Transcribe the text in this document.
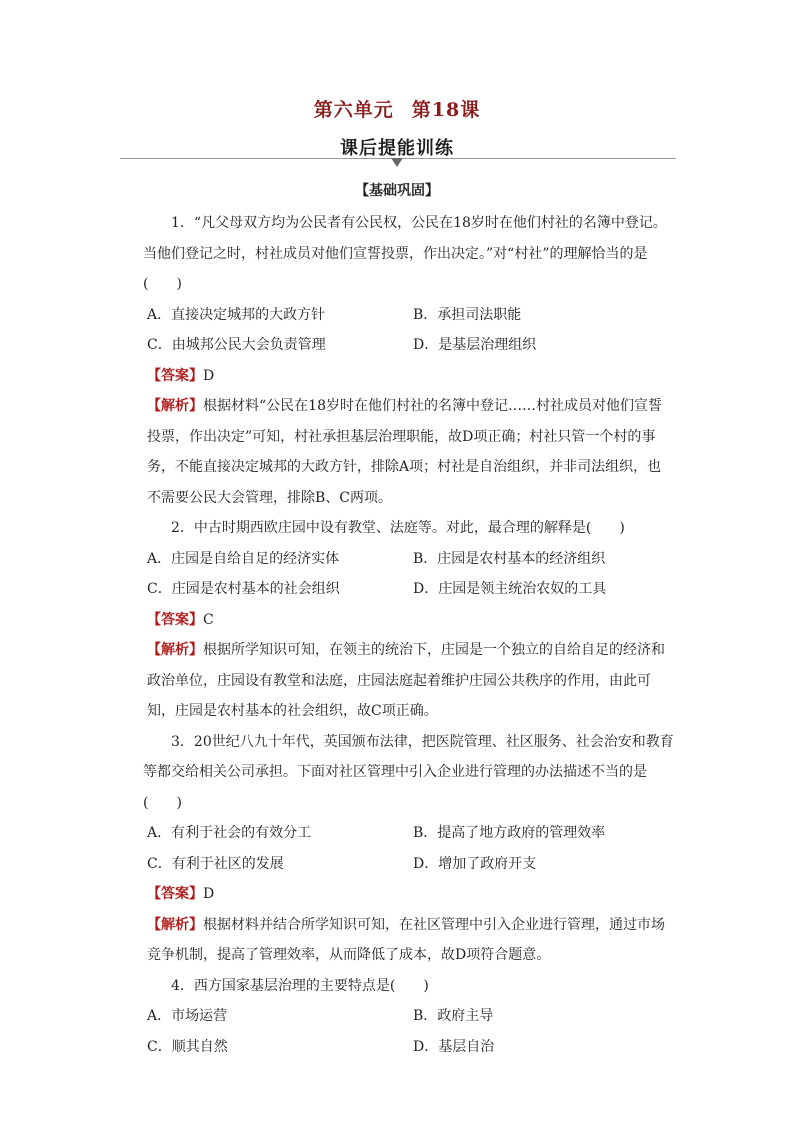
第六单元 第18课
课后提能训练
【基础巩固】

1．“凡父母双方均为公民者有公民权，公民在18岁时在他们村社的名簿中登记。当他们登记之时，村社成员对他们宣誓投票，作出决定。”对“村社”的理解恰当的是(　　)

A．直接决定城邦的大政方针	B．承担司法职能
C．由城邦公民大会负责管理	D．是基层治理组织

【答案】D

【解析】根据材料“公民在18岁时在他们村社的名簿中登记……村社成员对他们宣誓投票，作出决定”可知，村社承担基层治理职能，故D项正确；村社只管一个村的事务，不能直接决定城邦的大政方针，排除A项；村社是自治组织，并非司法组织，也不需要公民大会管理，排除B、C两项。

2．中古时期西欧庄园中设有教堂、法庭等。对此，最合理的解释是(　　)

A．庄园是自给自足的经济实体	B．庄园是农村基本的经济组织
C．庄园是农村基本的社会组织	D．庄园是领主统治农奴的工具

【答案】C

【解析】根据所学知识可知，在领主的统治下，庄园是一个独立的自给自足的经济和政治单位，庄园设有教堂和法庭，庄园法庭起着维护庄园公共秩序的作用，由此可知，庄园是农村基本的社会组织，故C项正确。

3．20世纪八九十年代，英国颁布法律，把医院管理、社区服务、社会治安和教育等都交给相关公司承担。下面对社区管理中引入企业进行管理的办法描述不当的是(　　)

A．有利于社会的有效分工	B．提高了地方政府的管理效率
C．有利于社区的发展	D．增加了政府开支

【答案】D

【解析】根据材料并结合所学知识可知，在社区管理中引入企业进行管理，通过市场竞争机制，提高了管理效率，从而降低了成本，故D项符合题意。

4．西方国家基层治理的主要特点是(　　)

A．市场运营	B．政府主导
C．顺其自然	D．基层自治
